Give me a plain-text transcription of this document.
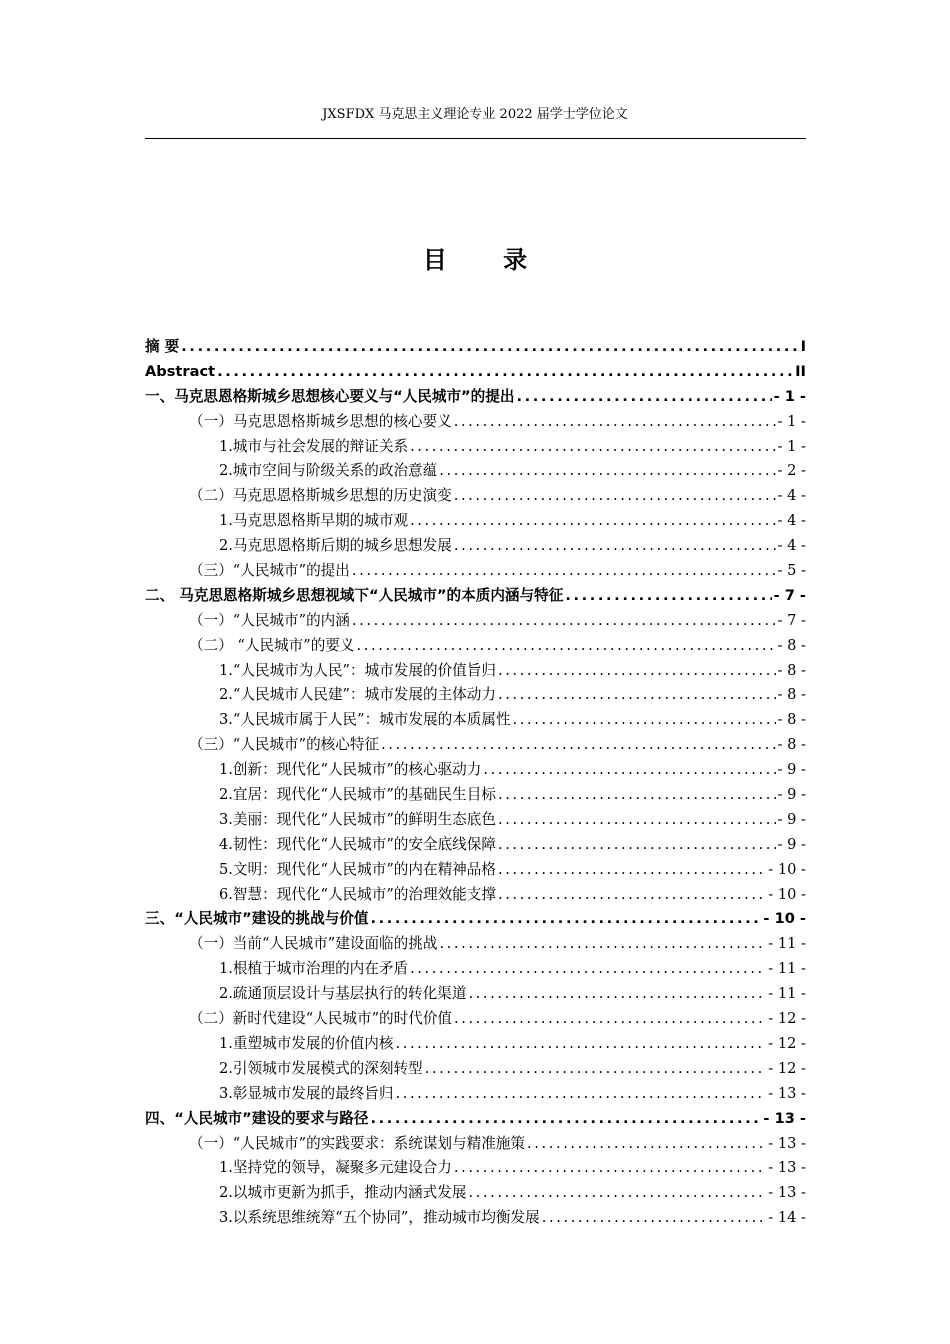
JXSFDX 马克思主义理论专业 2022 届学士学位论文
目 录
摘 要 .....	I
Abstract .....	II
一、马克思恩格斯城乡思想核心要义与“人民城市”的提出 .....	- 1 -
（一）马克思恩格斯城乡思想的核心要义 .....	- 1 -
1.城市与社会发展的辩证关系 .....	- 1 -
2.城市空间与阶级关系的政治意蕴 .....	- 2 -
（二）马克思恩格斯城乡思想的历史演变 .....	- 4 -
1.马克思恩格斯早期的城市观 .....	- 4 -
2.马克思恩格斯后期的城乡思想发展 .....	- 4 -
（三）“人民城市”的提出 .....	- 5 -
二、 马克思恩格斯城乡思想视域下“人民城市”的本质内涵与特征 .....	- 7 -
（一）“人民城市”的内涵 .....	- 7 -
（二） “人民城市”的要义 .....	- 8 -
1.“人民城市为人民”：城市发展的价值旨归 .....	- 8 -
2.“人民城市人民建”：城市发展的主体动力 .....	- 8 -
3.“人民城市属于人民”：城市发展的本质属性 .....	- 8 -
（三）“人民城市”的核心特征 .....	- 8 -
1.创新：现代化“人民城市”的核心驱动力 .....	- 9 -
2.宜居：现代化“人民城市”的基础民生目标 .....	- 9 -
3.美丽：现代化“人民城市”的鲜明生态底色 .....	- 9 -
4.韧性：现代化“人民城市”的安全底线保障 .....	- 9 -
5.文明：现代化“人民城市”的内在精神品格 .....	- 10 -
6.智慧：现代化“人民城市”的治理效能支撑 .....	- 10 -
三、“人民城市”建设的挑战与价值 .....	- 10 -
（一）当前“人民城市”建设面临的挑战 .....	- 11 -
1.根植于城市治理的内在矛盾 .....	- 11 -
2.疏通顶层设计与基层执行的转化渠道 .....	- 11 -
（二）新时代建设“人民城市”的时代价值 .....	- 12 -
1.重塑城市发展的价值内核 .....	- 12 -
2.引领城市发展模式的深刻转型 .....	- 12 -
3.彰显城市发展的最终旨归 .....	- 13 -
四、“人民城市”建设的要求与路径 .....	- 13 -
（一）“人民城市”的实践要求：系统谋划与精准施策 .....	- 13 -
1.坚持党的领导，凝聚多元建设合力 .....	- 13 -
2.以城市更新为抓手，推动内涵式发展 .....	- 13 -
3.以系统思维统筹“五个协同”，推动城市均衡发展 .....	- 14 -
